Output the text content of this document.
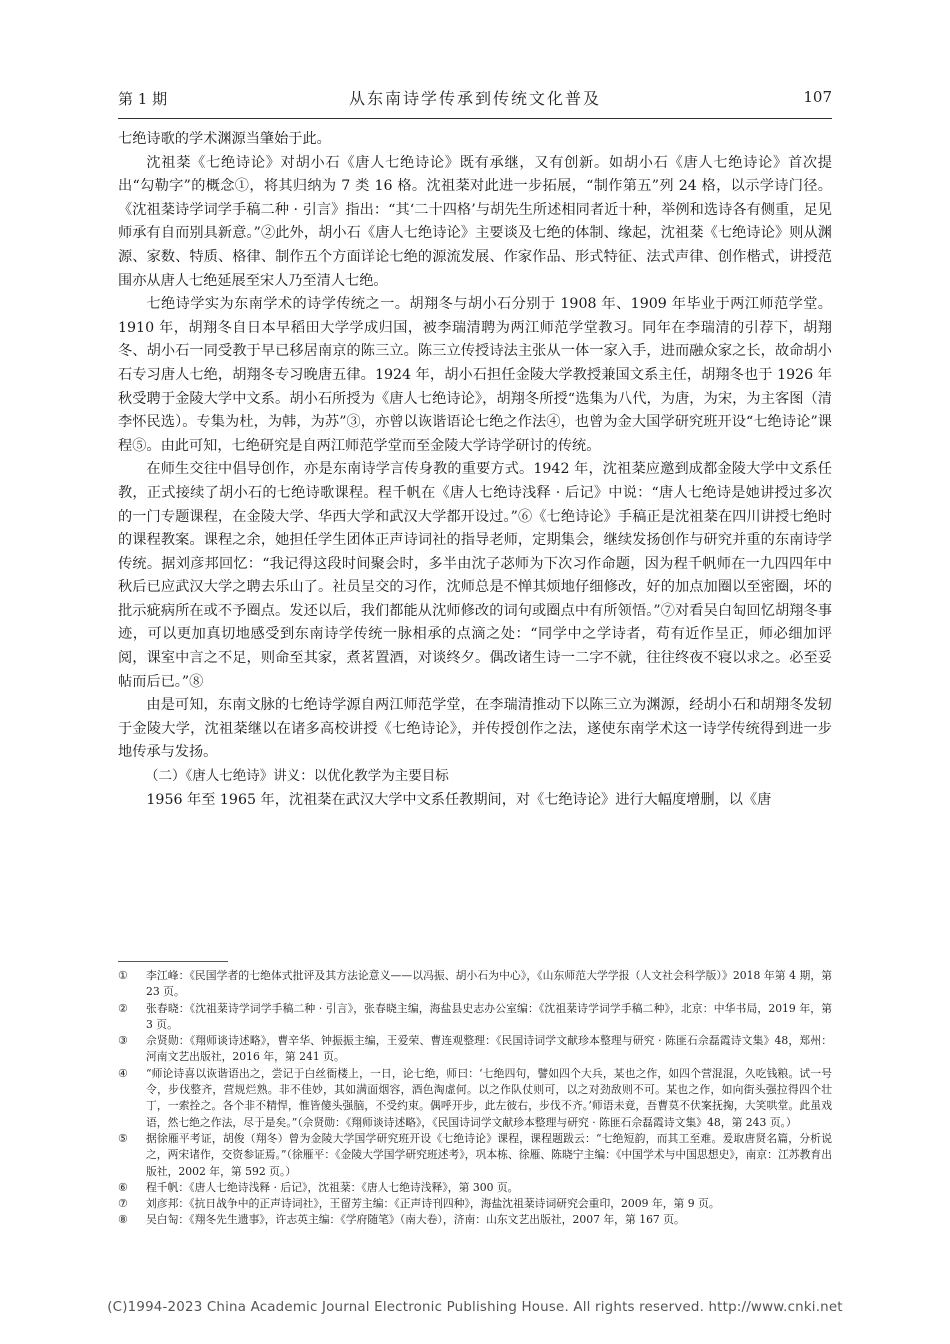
第 1 期	从东南诗学传承到传统文化普及	107

七绝诗歌的学术渊源当肇始于此。

沈祖棻《七绝诗论》对胡小石《唐人七绝诗论》既有承继，又有创新。如胡小石《唐人七绝诗论》首次提出“勾勒字”的概念①，将其归纳为 7 类 16 格。沈祖棻对此进一步拓展，“制作第五”列 24 格，以示学诗门径。《沈祖棻诗学词学手稿二种 · 引言》指出：“其‘二十四格’与胡先生所述相同者近十种，举例和选诗各有侧重，足见师承有自而别具新意。”②此外，胡小石《唐人七绝诗论》主要谈及七绝的体制、缘起，沈祖棻《七绝诗论》则从渊源、家数、特质、格律、制作五个方面详论七绝的源流发展、作家作品、形式特征、法式声律、创作楷式，讲授范围亦从唐人七绝延展至宋人乃至清人七绝。

七绝诗学实为东南学术的诗学传统之一。胡翔冬与胡小石分别于 1908 年、1909 年毕业于两江师范学堂。1910 年，胡翔冬自日本早稻田大学学成归国，被李瑞清聘为两江师范学堂教习。同年在李瑞清的引荐下，胡翔冬、胡小石一同受教于早已移居南京的陈三立。陈三立传授诗法主张从一体一家入手，进而融众家之长，故命胡小石专习唐人七绝，胡翔冬专习晚唐五律。1924 年，胡小石担任金陵大学教授兼国文系主任，胡翔冬也于 1926 年秋受聘于金陵大学中文系。胡小石所授为《唐人七绝诗论》，胡翔冬所授“选集为八代，为唐，为宋，为主客图（清李怀民选）。专集为杜，为韩，为苏”③，亦曾以诙谐语论七绝之作法④，也曾为金大国学研究班开设“七绝诗论”课程⑤。由此可知，七绝研究是自两江师范学堂而至金陵大学诗学研讨的传统。

在师生交往中倡导创作，亦是东南诗学言传身教的重要方式。1942 年，沈祖棻应邀到成都金陵大学中文系任教，正式接续了胡小石的七绝诗歌课程。程千帆在《唐人七绝诗浅释 · 后记》中说：“唐人七绝诗是她讲授过多次的一门专题课程，在金陵大学、华西大学和武汉大学都开设过。”⑥《七绝诗论》手稿正是沈祖棻在四川讲授七绝时的课程教案。课程之余，她担任学生团体正声诗词社的指导老师，定期集会，继续发扬创作与研究并重的东南诗学传统。据刘彦邦回忆：“我记得这段时间聚会时，多半由沈子苾师为下次习作命题，因为程千帆师在一九四四年中秋后已应武汉大学之聘去乐山了。社员呈交的习作，沈师总是不惮其烦地仔细修改，好的加点加圈以至密圈，坏的批示疵病所在或不予圈点。发还以后，我们都能从沈师修改的词句或圈点中有所领悟。”⑦对看吴白匋回忆胡翔冬事迹，可以更加真切地感受到东南诗学传统一脉相承的点滴之处：“同学中之学诗者，苟有近作呈正，师必细加评阅，课室中言之不足，则命至其家，煮茗置酒，对谈终夕。偶改诸生诗一二字不就，往往终夜不寝以求之。必至妥帖而后已。”⑧

由是可知，东南文脉的七绝诗学源自两江师范学堂，在李瑞清推动下以陈三立为渊源，经胡小石和胡翔冬发轫于金陵大学，沈祖棻继以在诸多高校讲授《七绝诗论》，并传授创作之法，遂使东南学术这一诗学传统得到进一步地传承与发扬。

（二）《唐人七绝诗》讲义：以优化教学为主要目标

1956 年至 1965 年，沈祖棻在武汉大学中文系任教期间，对《七绝诗论》进行大幅度增删，以《唐

① 李江峰：《民国学者的七绝体式批评及其方法论意义——以冯振、胡小石为中心》，《山东师范大学学报（人文社会科学版）》2018 年第 4 期，第 23 页。
② 张春晓：《沈祖棻诗学词学手稿二种 · 引言》，张春晓主编，海盐县史志办公室编：《沈祖棻诗学词学手稿二种》，北京：中华书局，2019 年，第 3 页。
③ 佘贤勋：《翔师谈诗述略》，曹辛华、钟振振主编，王爱荣、曹连观整理：《民国诗词学文献珍本整理与研究 · 陈匪石佘磊霞诗文集》48，郑州：河南文艺出版社，2016 年，第 241 页。
④ “师论诗喜以诙谐语出之，尝记于白丝衙楼上，一日，论七绝，师曰：‘七绝四句，譬如四个大兵，某也之作，如四个营混混，久吃钱粮。试一号令，步伐整齐，营规烂熟。非不佳妙，其如满面烟容，酒色淘虚何。以之作队仗则可，以之对劲敌则不可。某也之作，如向街头强拉得四个壮丁，一索拴之。各个非不精悍，惟皆傻头强脑，不受约束。偶呼开步，此左彼右，步伐不齐。’师语未竟，吾曹莫不伏案抚掬，大笑哄堂。此虽戏语，然七绝之作法，尽于是矣。”（佘贤勋：《翔师谈诗述略》，《民国诗词学文献珍本整理与研究 · 陈匪石佘磊霞诗文集》48，第 243 页。）
⑤ 据徐雁平考证，胡俊（翔冬）曾为金陵大学国学研究班开设《七绝诗论》课程，课程题跋云：“七绝短韵，而其工至难。爰取唐贤名篇，分析说之，两宋诸作，交资参证焉。”（徐雁平：《金陵大学国学研究班述考》，巩本栋、徐雁、陈晓宁主编：《中国学术与中国思想史》，南京：江苏教育出版社，2002 年，第 592 页。）
⑥ 程千帆：《唐人七绝诗浅释 · 后记》，沈祖棻：《唐人七绝诗浅释》，第 300 页。
⑦ 刘彦邦：《抗日战争中的正声诗词社》，王留芳主编：《正声诗刊四种》，海盐沈祖棻诗词研究会重印，2009 年，第 9 页。
⑧ 吴白匋：《翔冬先生遗事》，许志英主编：《学府随笔》（南大卷），济南：山东文艺出版社，2007 年，第 167 页。
(C)1994-2023 China Academic Journal Electronic Publishing House. All rights reserved. http://www.cnki.net
